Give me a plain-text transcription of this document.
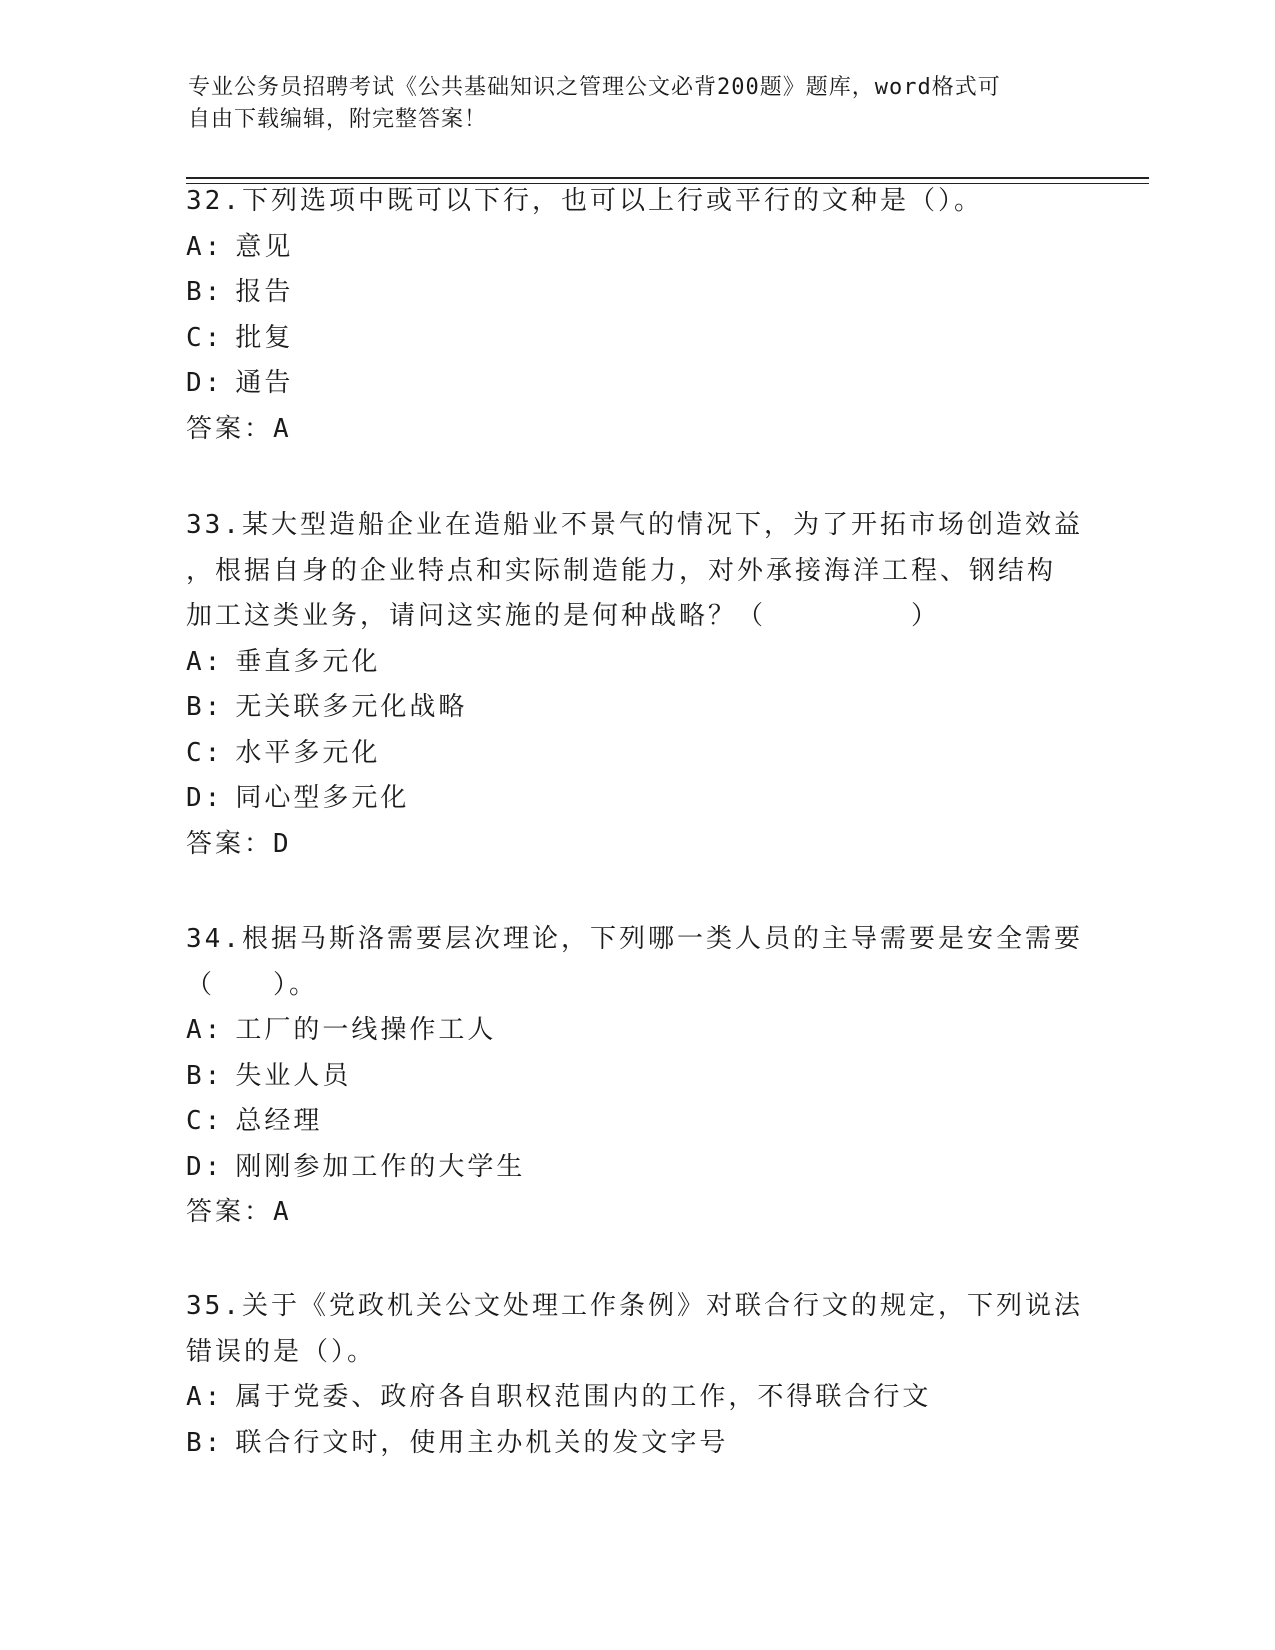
专业公务员招聘考试《公共基础知识之管理公文必背200题》题库，word格式可
自由下载编辑，附完整答案！
32.下列选项中既可以下行，也可以上行或平行的文种是（）。
A: 意见
B: 报告
C: 批复
D: 通告
答案：A
33.某大型造船企业在造船业不景气的情况下，为了开拓市场创造效益
，根据自身的企业特点和实际制造能力，对外承接海洋工程、钢结构
加工这类业务，请问这实施的是何种战略？（　　　　　）
A: 垂直多元化
B: 无关联多元化战略
C: 水平多元化
D: 同心型多元化
答案：D
34.根据马斯洛需要层次理论，下列哪一类人员的主导需要是安全需要
（　　）。
A: 工厂的一线操作工人
B: 失业人员
C: 总经理
D: 刚刚参加工作的大学生
答案：A
35.关于《党政机关公文处理工作条例》对联合行文的规定，下列说法
错误的是（）。
A: 属于党委、政府各自职权范围内的工作，不得联合行文
B: 联合行文时，使用主办机关的发文字号
